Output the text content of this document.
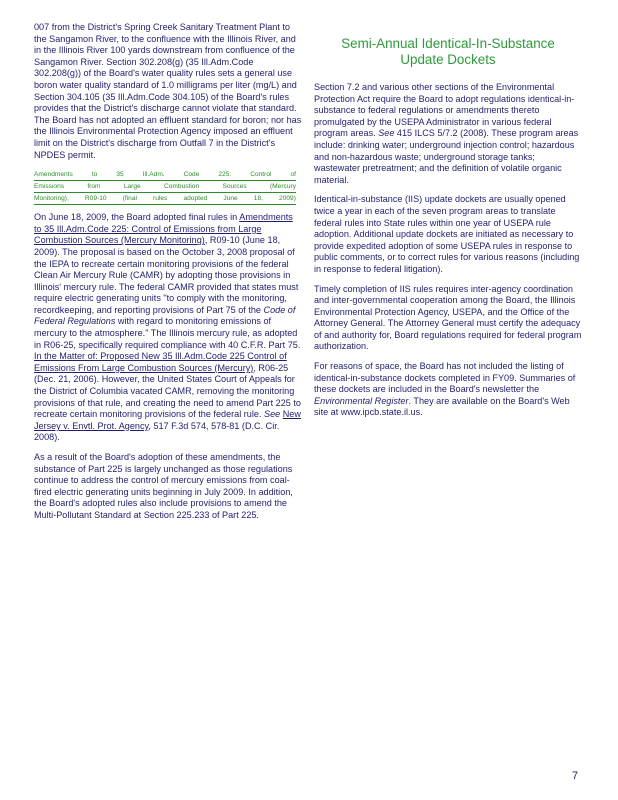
007 from the District's Spring Creek Sanitary Treatment Plant to the Sangamon River, to the confluence with the Illinois River, and in the Illinois River 100 yards downstream from confluence of the Sangamon River. Section 302.208(g) (35 Ill.Adm.Code 302.208(g)) of the Board's water quality rules sets a general use boron water quality standard of 1.0 milligrams per liter (mg/L) and Section 304.105 (35 Ill.Adm.Code 304.105) of the Board's rules provides that the District's discharge cannot violate that standard. The Board has not adopted an effluent standard for boron; nor has the Illinois Environmental Protection Agency imposed an effluent limit on the District's discharge from Outfall 7 in the District's NPDES permit.

Amendments	to	35	Ill.Adm.	Code	225:	Control	of
Emissions	from	Large	Combustion	Sources	(Mercury
Monitoring), R09-10 (final rules adopted June 18, 2009)

On June 18, 2009, the Board adopted final rules in Amendments to 35 Ill.Adm.Code 225: Control of Emissions from Large Combustion Sources (Mercury Monitoring), R09-10 (June 18, 2009). The proposal is based on the October 3, 2008 proposal of the IEPA to recreate certain monitoring provisions of the federal Clean Air Mercury Rule (CAMR) by adopting those provisions in Illinois' mercury rule. The federal CAMR provided that states must require electric generating units "to comply with the monitoring, recordkeeping, and reporting provisions of Part 75 of the Code of Federal Regulations with regard to monitoring emissions of mercury to the atmosphere." The Illinois mercury rule, as adopted in R06-25, specifically required compliance with 40 C.F.R. Part 75. In the Matter of: Proposed New 35 Ill.Adm.Code 225 Control of Emissions From Large Combustion Sources (Mercury), R06-25 (Dec. 21, 2006). However, the United States Court of Appeals for the District of Columbia vacated CAMR, removing the monitoring provisions of that rule, and creating the need to amend Part 225 to recreate certain monitoring provisions of the federal rule. See New Jersey v. Envtl. Prot. Agency, 517 F.3d 574, 578-81 (D.C. Cir. 2008).

As a result of the Board's adoption of these amendments, the substance of Part 225 is largely unchanged as those regulations continue to address the control of mercury emissions from coal-fired electric generating units beginning in July 2009. In addition, the Board's adopted rules also include provisions to amend the Multi-Pollutant Standard at Section 225.233 of Part 225.

Semi-Annual Identical-In-Substance
Update Dockets

Section 7.2 and various other sections of the Environmental Protection Act require the Board to adopt regulations identical-in-substance to federal regulations or amendments thereto promulgated by the USEPA Administrator in various federal program areas. See 415 ILCS 5/7.2 (2008). These program areas include: drinking water; underground injection control; hazardous and non-hazardous waste; underground storage tanks; wastewater pretreatment; and the definition of volatile organic material.

Identical-in-substance (IIS) update dockets are usually opened twice a year in each of the seven program areas to translate federal rules into State rules within one year of USEPA rule adoption. Additional update dockets are initiated as necessary to provide expedited adoption of some USEPA rules in response to public comments, or to correct rules for various reasons (including in response to federal litigation).

Timely completion of IIS rules requires inter-agency coordination and inter-governmental cooperation among the Board, the Illinois Environmental Protection Agency, USEPA, and the Office of the Attorney General. The Attorney General must certify the adequacy of and authority for, Board regulations required for federal program authorization.

For reasons of space, the Board has not included the listing of identical-in-substance dockets completed in FY09. Summaries of these dockets are included in the Board's newsletter the Environmental Register. They are available on the Board's Web site at www.ipcb.state.il.us.

7
